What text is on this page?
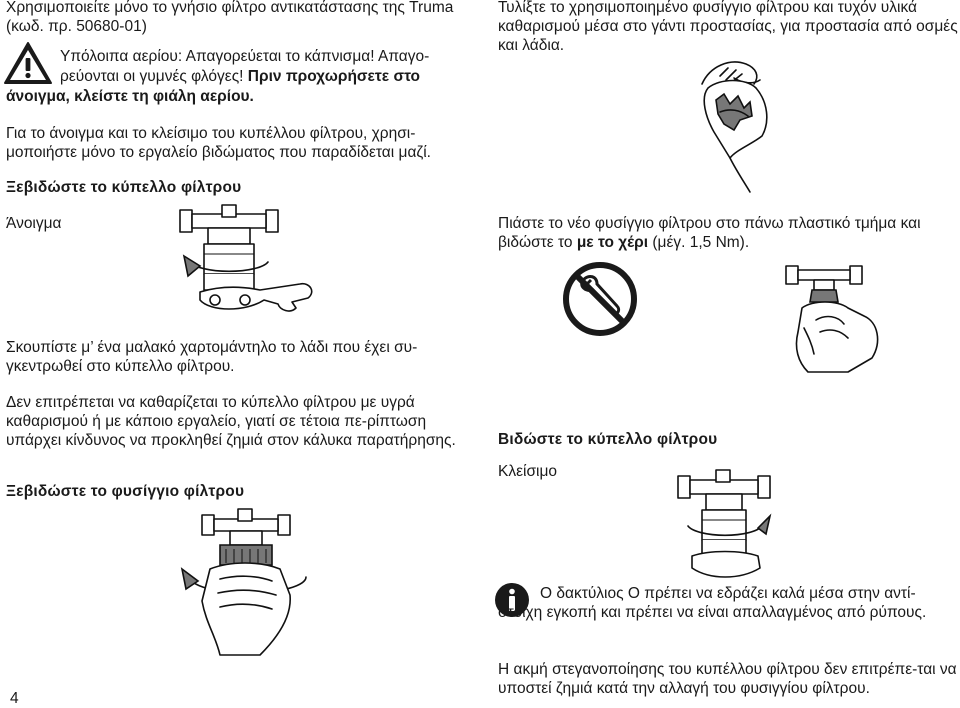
Χρησιμοποιείτε μόνο το γνήσιο φίλτρο αντικατάστασης της Truma (κωδ. πρ. 50680-01)

Υπόλοιπα αερίου: Απαγορεύεται το κάπνισμα! Απαγο-
ρεύονται οι γυμνές φλόγες! Πριν προχωρήσετε στο
άνοιγμα, κλείστε τη φιάλη αερίου.

Για το άνοιγμα και το κλείσιμο του κυπέλλου φίλτρου, χρησι-μοποιήστε μόνο το εργαλείο βιδώματος που παραδίδεται μαζί.

Ξεβιδώστε το κύπελλο φίλτρου
Άνοιγμα

Σκουπίστε μ’ ένα μαλακό χαρτομάντηλο το λάδι που έχει συ-γκεντρωθεί στο κύπελλο φίλτρου.

Δεν επιτρέπεται να καθαρίζεται το κύπελλο φίλτρου με υγρά καθαρισμού ή με κάποιο εργαλείο, γιατί σε τέτοια πε-ρίπτωση υπάρχει κίνδυνος να προκληθεί ζημιά στον κάλυκα παρατήρησης.

Ξεβιδώστε το φυσίγγιο φίλτρου
4

Τυλίξτε το χρησιμοποιημένο φυσίγγιο φίλτρου και τυχόν υλικά καθαρισμού μέσα στο γάντι προστασίας, για προστασία από οσμές και λάδια.

Πιάστε το νέο φυσίγγιο φίλτρου στο πάνω πλαστικό τμήμα και βιδώστε το με το χέρι (μέγ. 1,5 Nm).

Βιδώστε το κύπελλο φίλτρου
Κλείσιμο

Ο δακτύλιος Ο πρέπει να εδράζει καλά μέσα στην αντί-στοιχη εγκοπή και πρέπει να είναι απαλλαγμένος από ρύπους.

Η ακμή στεγανοποίησης του κυπέλλου φίλτρου δεν επιτρέπε-ται να υποστεί ζημιά κατά την αλλαγή του φυσιγγίου φίλτρου.
